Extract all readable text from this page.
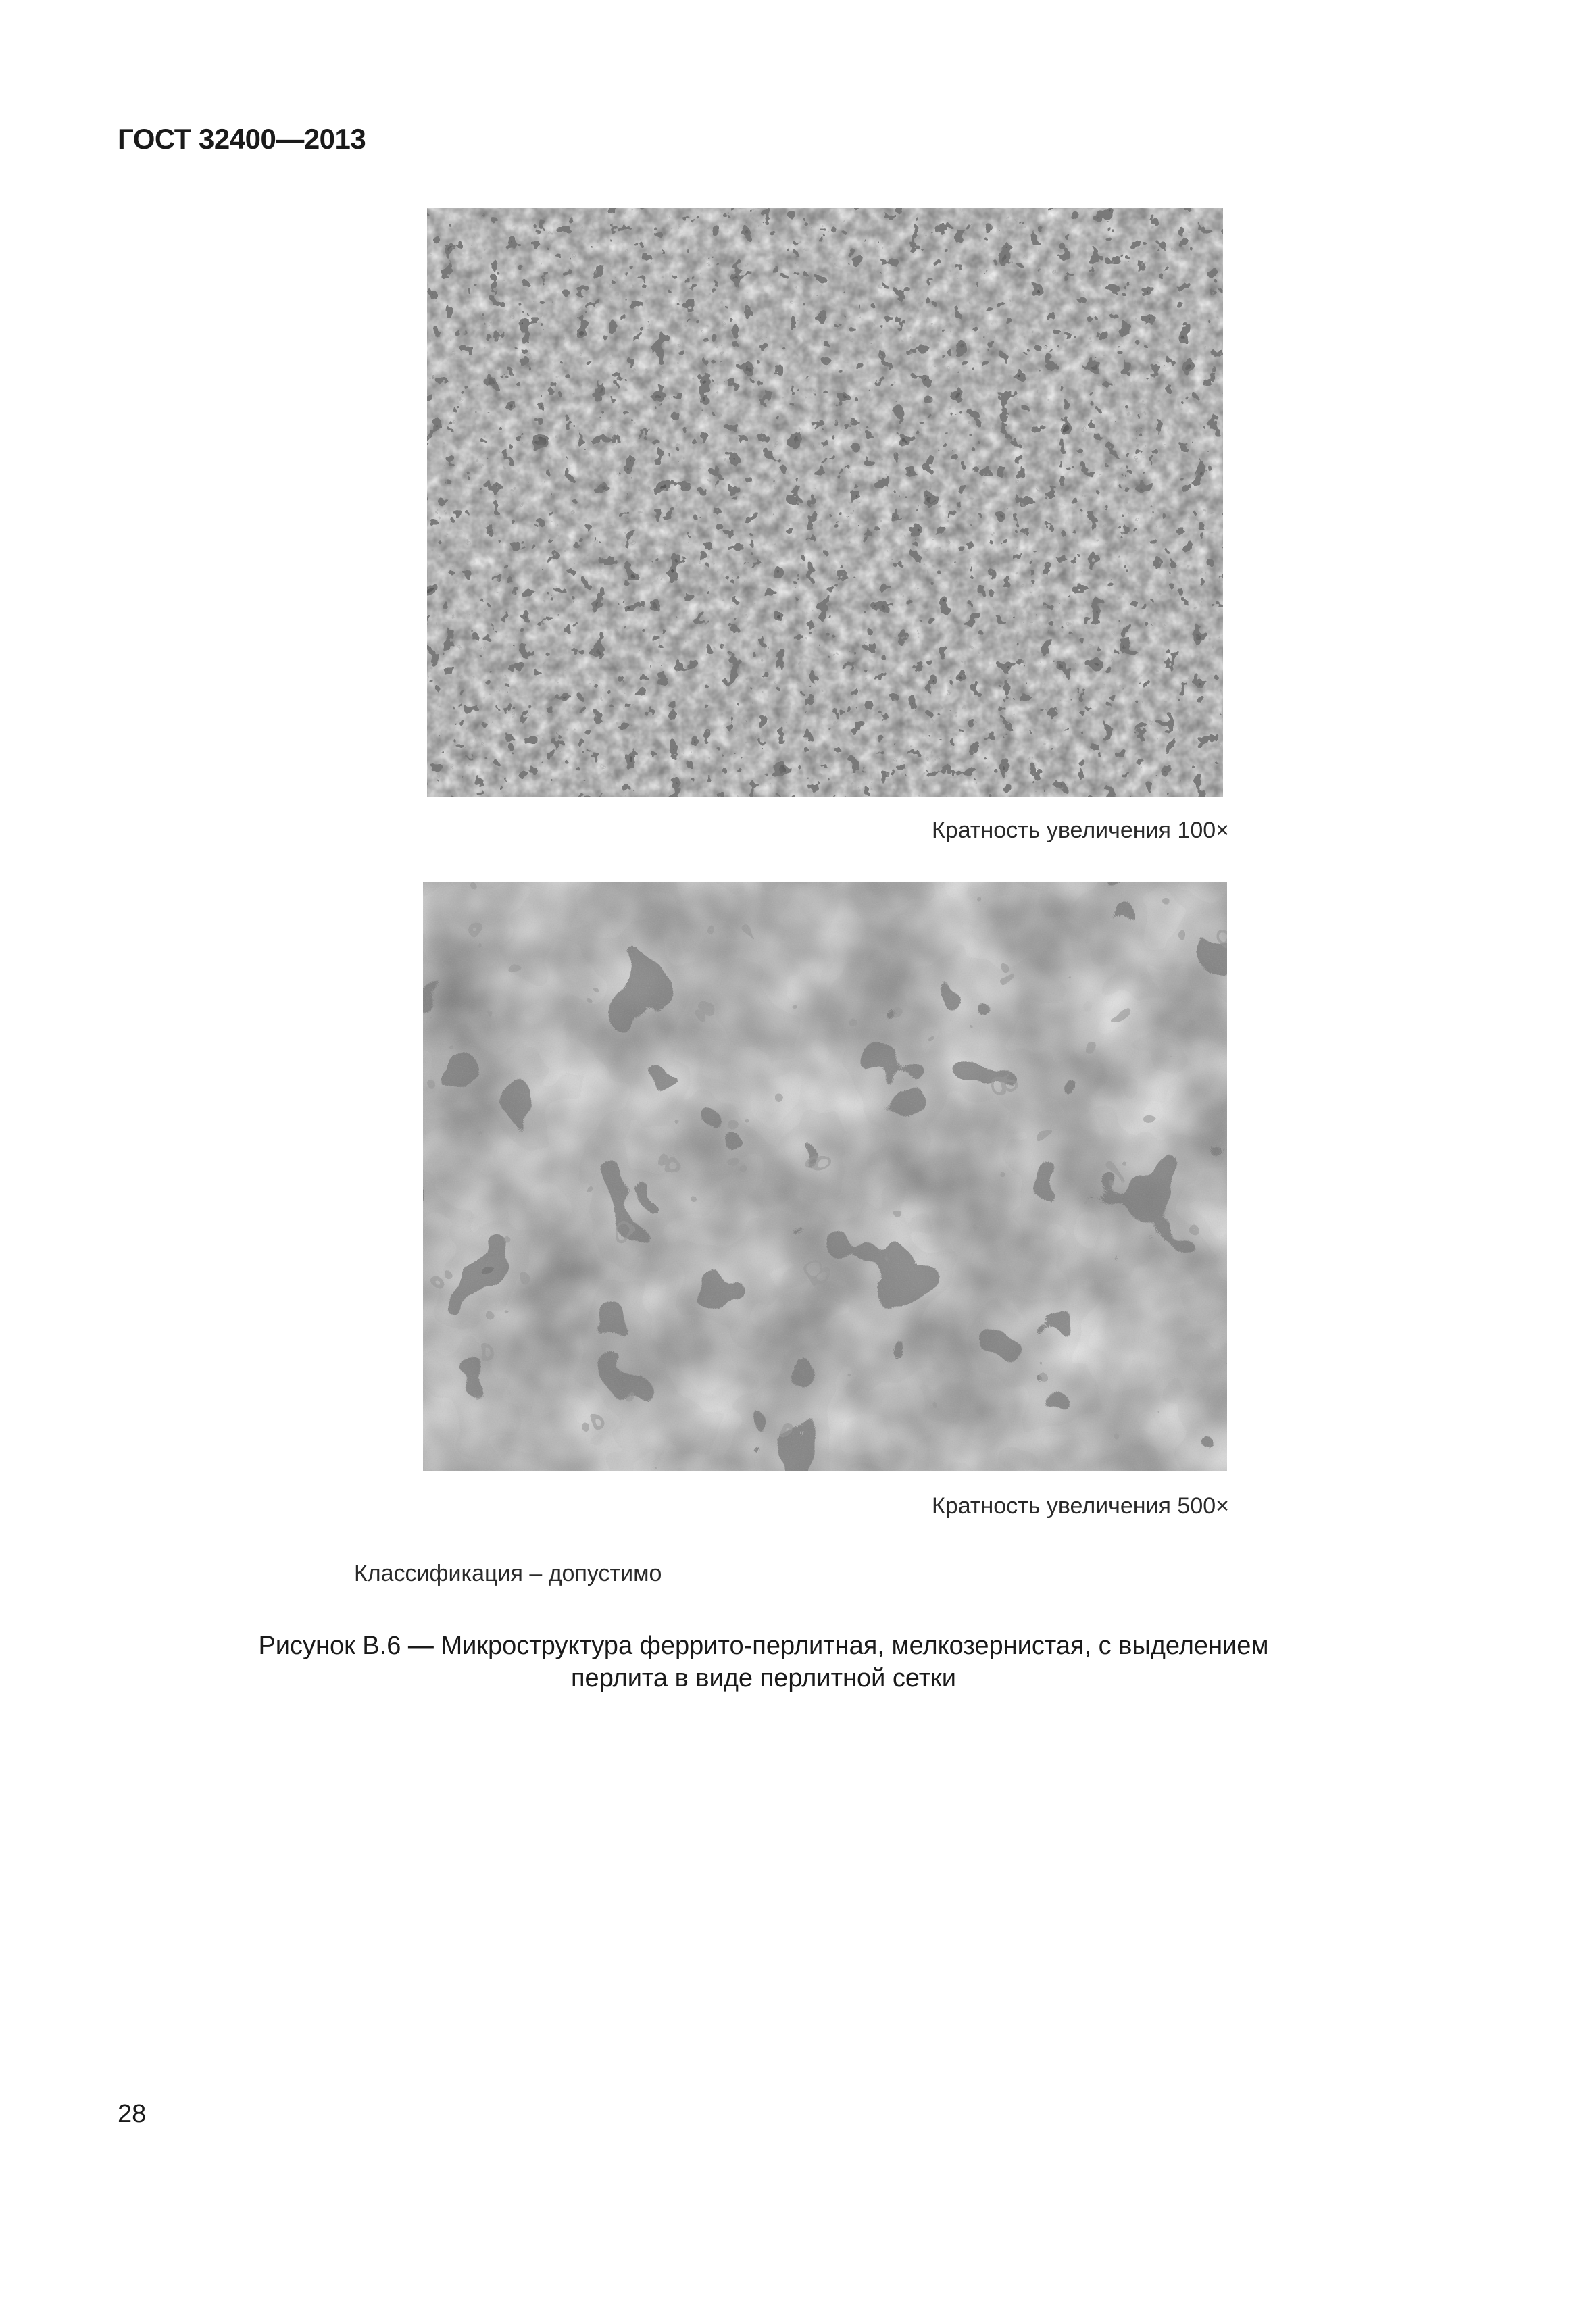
ГОСТ 32400—2013
Кратность увеличения 100×
Кратность увеличения 500×
Классификация – допустимо
Рисунок В.6 — Микроструктура феррито-перлитная, мелкозернистая, с выделением
перлита в виде перлитной сетки
28
